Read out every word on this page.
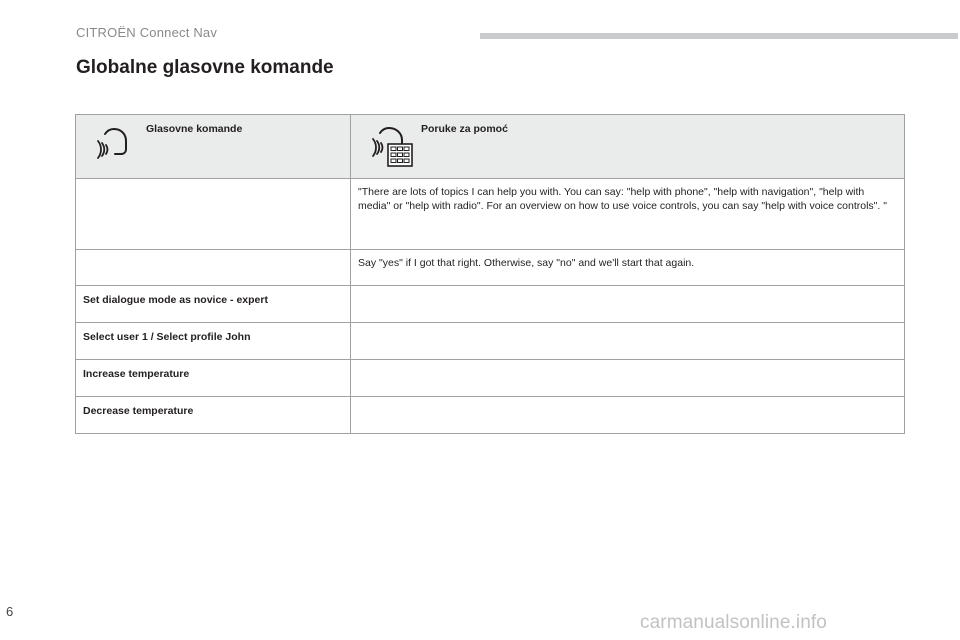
CITROËN Connect Nav
Globalne glasovne komande
Glasovne komande	Poruke za pomoć

	"There are lots of topics I can help you with. You can say: "help with phone", "help with navigation", "help with media" or "help with radio". For an overview on how to use voice controls, you can say "help with voice controls". "

	Say "yes" if I got that right. Otherwise, say "no" and we'll start that again.

Set dialogue mode as novice - expert	

Select user 1 / Select profile John	

Increase temperature	

Decrease temperature	

6
carmanualsonline.info
